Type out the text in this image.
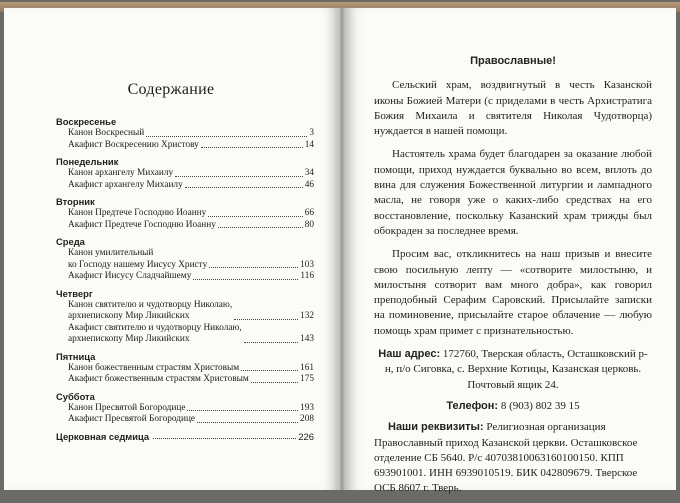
Содержание
Воскресенье
Канон Воскресный	3
Акафист Воскресению Христову	14
Понедельник
Канон архангелу Михаилу	34
Акафист архангелу Михаилу	46
Вторник
Канон Предтече Господню Иоанну	66
Акафист Предтече Господню Иоанну	80
Среда
Канон умилительный
ко Господу нашему Иисусу Христу	103
Акафист Иисусу Сладчайшему	116
Четверг
Канон святителю и чудотворцу Николаю,
архиепископу Мир Ликийских	132
Акафист святителю и чудотворцу Николаю,
архиепископу Мир Ликийских	143
Пятница
Канон божественным страстям Христовым	161
Акафист божественным страстям Христовым	175
Суббота
Канон Пресвятой Богородице	193
Акафист Пресвятой Богородице	208
Церковная седмица	226
Православные!

Сельский храм, воздвигнутый в честь Казанской иконы Божией Матери (с приделами в честь Архистратига Божия Михаила и святителя Николая Чудотворца) нуждается в нашей помощи.

Настоятель храма будет благодарен за оказание любой помощи, приход нуждается буквально во всем, вплоть до вина для служения Божественной литургии и лампадного масла, не говоря уже о каких-либо средствах на его восстановление, поскольку Казанский храм трижды был обокраден за последнее время.

Просим вас, откликнитесь на наш призыв и внесите свою посильную лепту — «сотворите милостыню, и милостыня сотворит вам много добра», как говорил преподобный Серафим Саровский. Присылайте записки на поминовение, присылайте старое облачение — любую помощь храм примет с признательностью.

Наш адрес: 172760, Тверская область, Осташковский р-н, п/о Сиговка, с. Верхние Котицы, Казанская церковь. Почтовый ящик 24.
Телефон: 8 (903) 802 39 15
Наши реквизиты: Религиозная организация Православный приход Казанской церкви. Осташковское отделение СБ 5640. Р/с 40703810063160100150. КПП 693901001. ИНН 6939010519. БИК 042809679. Тверское ОСБ 8607 г. Тверь.
